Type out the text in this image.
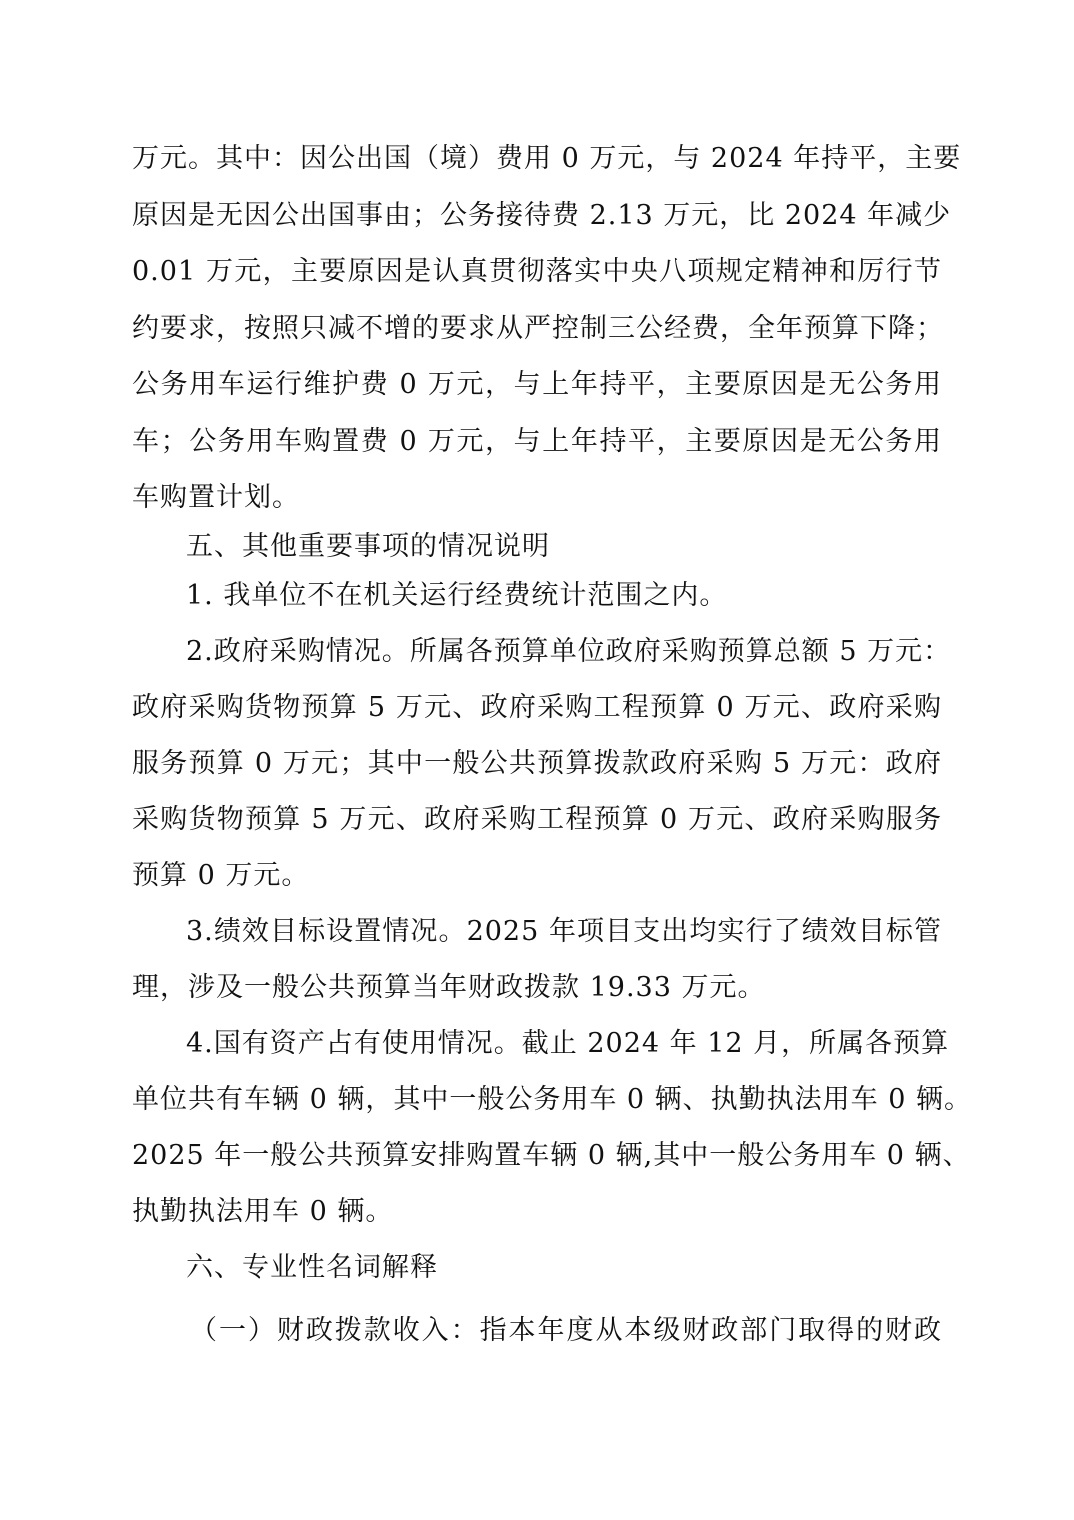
万元。其中：因公出国（境）费用 0 万元，与 2024 年持平，主要
原因是无因公出国事由；公务接待费 2.13 万元，比 2024 年减少
0.01 万元，主要原因是认真贯彻落实中央八项规定精神和厉行节
约要求，按照只减不增的要求从严控制三公经费，全年预算下降；
公务用车运行维护费 0 万元，与上年持平，主要原因是无公务用
车；公务用车购置费 0 万元，与上年持平，主要原因是无公务用
车购置计划。
五、其他重要事项的情况说明
1. 我单位不在机关运行经费统计范围之内。
2.政府采购情况。所属各预算单位政府采购预算总额 5 万元：
政府采购货物预算 5 万元、政府采购工程预算 0 万元、政府采购
服务预算 0 万元；其中一般公共预算拨款政府采购 5 万元：政府
采购货物预算 5 万元、政府采购工程预算 0 万元、政府采购服务
预算 0 万元。
3.绩效目标设置情况。2025 年项目支出均实行了绩效目标管
理，涉及一般公共预算当年财政拨款 19.33 万元。
4.国有资产占有使用情况。截止 2024 年 12 月，所属各预算
单位共有车辆 0 辆，其中一般公务用车 0 辆、执勤执法用车 0 辆。
2025 年一般公共预算安排购置车辆 0 辆,其中一般公务用车 0 辆、
执勤执法用车 0 辆。
六、专业性名词解释
（一）财政拨款收入：指本年度从本级财政部门取得的财政
